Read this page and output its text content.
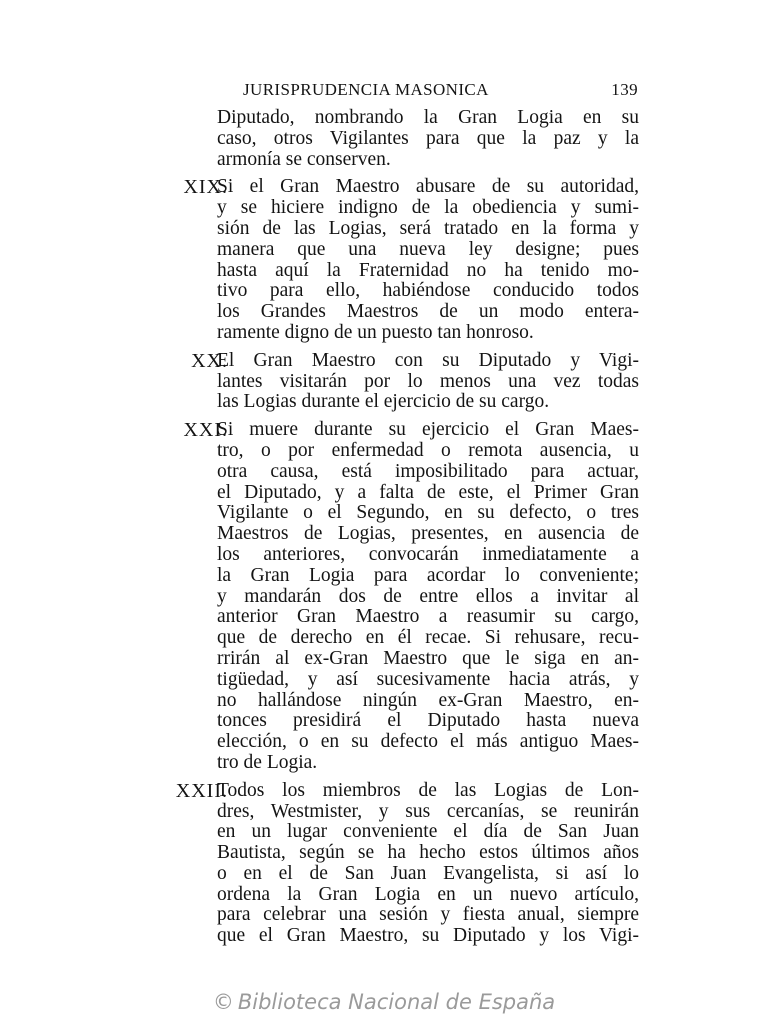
JURISPRUDENCIA MASONICA	139
Diputado, nombrando la Gran Logia en su
caso, otros Vigilantes para que la paz y la
armonía se conserven.
XIX.
Si el Gran Maestro abusare de su autoridad,
y se hiciere indigno de la obediencia y sumi-
sión de las Logias, será tratado en la forma y
manera que una nueva ley designe; pues
hasta aquí la Fraternidad no ha tenido mo-
tivo para ello, habiéndose conducido todos
los Grandes Maestros de un modo entera-
ramente digno de un puesto tan honroso.
XX.
El Gran Maestro con su Diputado y Vigi-
lantes visitarán por lo menos una vez todas
las Logias durante el ejercicio de su cargo.
XXI.
Si muere durante su ejercicio el Gran Maes-
tro, o por enfermedad o remota ausencia, u
otra causa, está imposibilitado para actuar,
el Diputado, y a falta de este, el Primer Gran
Vigilante o el Segundo, en su defecto, o tres
Maestros de Logias, presentes, en ausencia de
los anteriores, convocarán inmediatamente a
la Gran Logia para acordar lo conveniente;
y mandarán dos de entre ellos a invitar al
anterior Gran Maestro a reasumir su cargo,
que de derecho en él recae. Si rehusare, recu-
rrirán al ex-Gran Maestro que le siga en an-
tigüedad, y así sucesivamente hacia atrás, y
no hallándose ningún ex-Gran Maestro, en-
tonces presidirá el Diputado hasta nueva
elección, o en su defecto el más antiguo Maes-
tro de Logia.
XXII.
Todos los miembros de las Logias de Lon-
dres, Westmister, y sus cercanías, se reunirán
en un lugar conveniente el día de San Juan
Bautista, según se ha hecho estos últimos años
o en el de San Juan Evangelista, si así lo
ordena la Gran Logia en un nuevo artículo,
para celebrar una sesión y fiesta anual, siempre
que el Gran Maestro, su Diputado y los Vigi-
© Biblioteca Nacional de España
